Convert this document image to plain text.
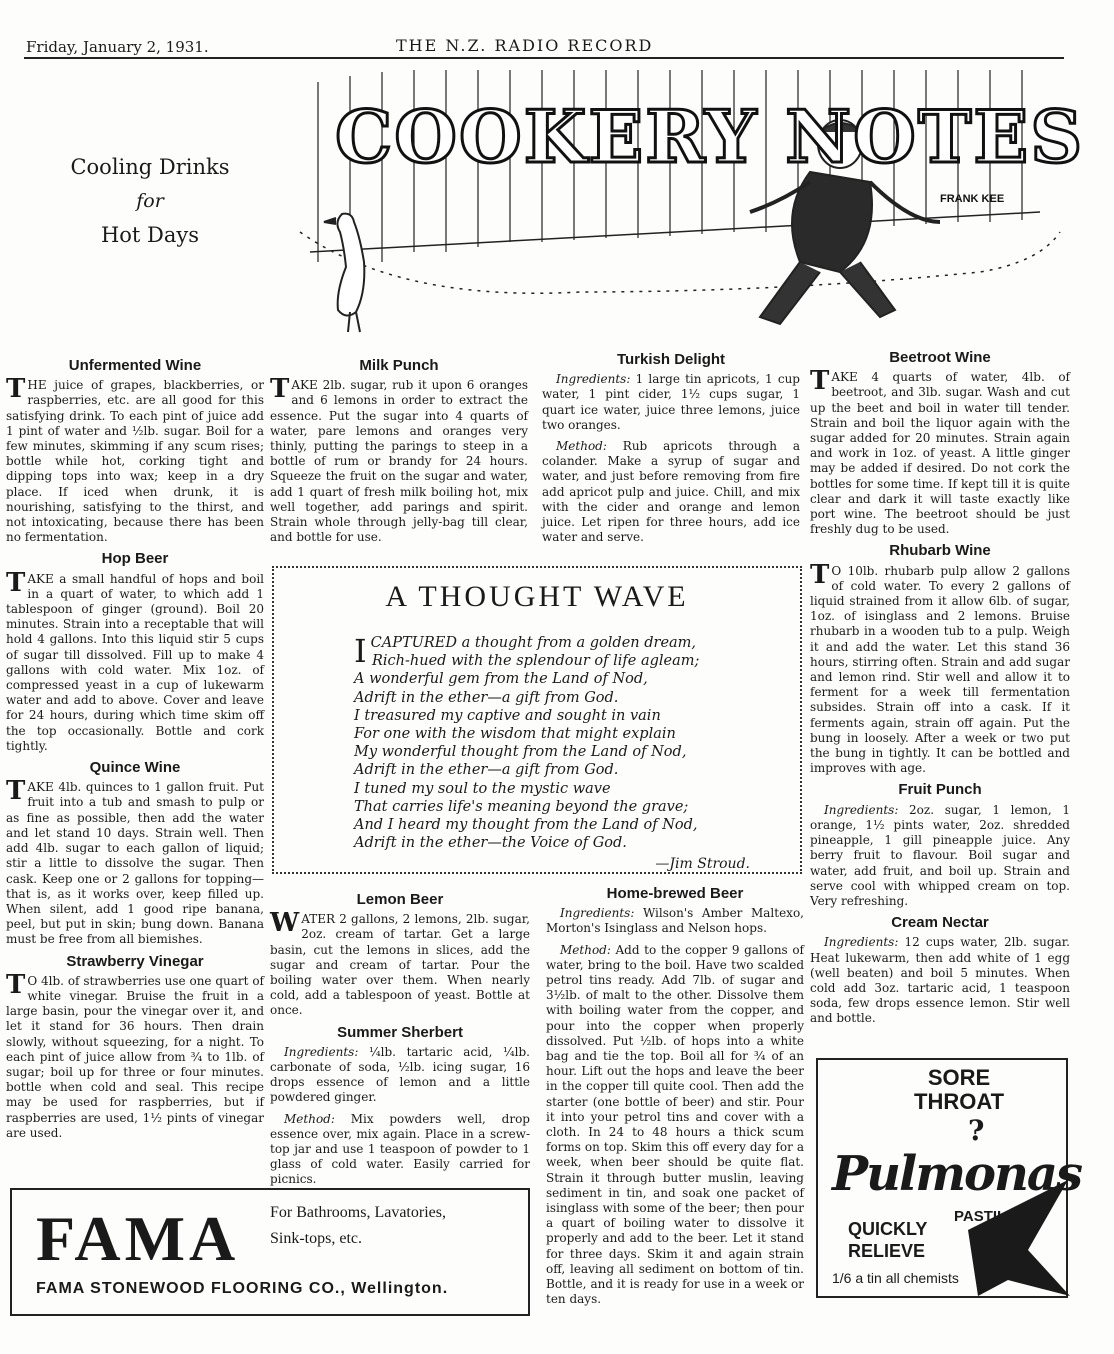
Friday, January 2, 1931.	THE N.Z. RADIO RECORD
COOKERY NOTES
FRANK KEE
Cooling Drinks
for
Hot Days
Unfermented Wine

THE juice of grapes, blackberries, or raspberries, etc. are all good for this satisfying drink. To each pint of juice add 1 pint of water and ½lb. sugar. Boil for a few minutes, skimming if any scum rises; bottle while hot, corking tight and dipping tops into wax; keep in a dry place. If iced when drunk, it is nourishing, satisfying to the thirst, and not intoxicating, because there has been no fermentation.

Hop Beer

TAKE a small handful of hops and boil in a quart of water, to which add 1 tablespoon of ginger (ground). Boil 20 minutes. Strain into a receptable that will hold 4 gallons. Into this liquid stir 5 cups of sugar till dissolved. Fill up to make 4 gallons with cold water. Mix 1oz. of compressed yeast in a cup of lukewarm water and add to above. Cover and leave for 24 hours, during which time skim off the top occasionally. Bottle and cork tightly.

Quince Wine

TAKE 4lb. quinces to 1 gallon fruit. Put fruit into a tub and smash to pulp or as fine as possible, then add the water and let stand 10 days. Strain well. Then add 4lb. sugar to each gallon of liquid; stir a little to dissolve the sugar. Then cask. Keep one or 2 gallons for topping—that is, as it works over, keep filled up. When silent, add 1 good ripe banana, peel, but put in skin; bung down. Banana must be free from all biemishes.

Strawberry Vinegar

T O 4lb. of strawberries use one quart of white vinegar. Bruise the fruit in a large basin, pour the vinegar over it, and let it stand for 36 hours. Then drain slowly, without squeezing, for a night. To each pint of juice allow from ¾ to 1lb. of sugar; boil up for three or four minutes. bottle when cold and seal. This recipe may be used for raspberries, but if raspberries are used, 1½ pints of vinegar are used.

Milk Punch

TAKE 2lb. sugar, rub it upon 6 oranges and 6 lemons in order to extract the essence. Put the sugar into 4 quarts of water, pare lemons and oranges very thinly, putting the parings to steep in a bottle of rum or brandy for 24 hours. Squeeze the fruit on the sugar and water, add 1 quart of fresh milk boiling hot, mix well together, add parings and spirit. Strain whole through jelly-bag till clear, and bottle for use.

Turkish Delight

Ingredients: 1 large tin apricots, 1 cup water, 1 pint cider, 1½ cups sugar, 1 quart ice water, juice three lemons, juice two oranges.

Method: Rub apricots through a colander. Make a syrup of sugar and water, and just before removing from fire add apricot pulp and juice. Chill, and mix with the cider and orange and lemon juice. Let ripen for three hours, add ice water and serve.

Beetroot Wine

TAKE 4 quarts of water, 4lb. of beetroot, and 3lb. sugar. Wash and cut up the beet and boil in water till tender. Strain and boil the liquor again with the sugar added for 20 minutes. Strain again and work in 1oz. of yeast. A little ginger may be added if desired. Do not cork the bottles for some time. If kept till it is quite clear and dark it will taste exactly like port wine. The beetroot should be just freshly dug to be used.

Rhubarb Wine

T O 10lb. rhubarb pulp allow 2 gallons of cold water. To every 2 gallons of liquid strained from it allow 6lb. of sugar, 1oz. of isinglass and 2 lemons. Bruise rhubarb in a wooden tub to a pulp. Weigh it and add the water. Let this stand 36 hours, stirring often. Strain and add sugar and lemon rind. Stir well and allow it to ferment for a week till fermentation subsides. Strain off into a cask. If it ferments again, strain off again. Put the bung in loosely. After a week or two put the bung in tightly. It can be bottled and improves with age.

Fruit Punch

Ingredients: 2oz. sugar, 1 lemon, 1 orange, 1½ pints water, 2oz. shredded pineapple, 1 gill pineapple juice. Any berry fruit to flavour. Boil sugar and water, add fruit, and boil up. Strain and serve cool with whipped cream on top. Very refreshing.

Cream Nectar

Ingredients: 12 cups water, 2lb. sugar. Heat lukewarm, then add white of 1 egg (well beaten) and boil 5 minutes. When cold add 3oz. tartaric acid, 1 teaspoon soda, few drops essence lemon. Stir well and bottle.

A THOUGHT WAVE
ICAPTURED a thought from a golden dream,
Rich-hued with the splendour of life agleam;
A wonderful gem from the Land of Nod,
Adrift in the ether—a gift from God.
I treasured my captive and sought in vain
For one with the wisdom that might explain
My wonderful thought from the Land of Nod,
Adrift in the ether—a gift from God.
I tuned my soul to the mystic wave
That carries life's meaning beyond the grave;
And I heard my thought from the Land of Nod,
Adrift in the ether—the Voice of God.
—Jim Stroud.
Lemon Beer

WATER 2 gallons, 2 lemons, 2lb. sugar, 2oz. cream of tartar. Get a large basin, cut the lemons in slices, add the sugar and cream of tartar. Pour the boiling water over them. When nearly cold, add a tablespoon of yeast. Bottle at once.

Summer Sherbert

Ingredients: ¼lb. tartaric acid, ¼lb. carbonate of soda, ½lb. icing sugar, 16 drops essence of lemon and a little powdered ginger.

Method: Mix powders well, drop essence over, mix again. Place in a screw-top jar and use 1 teaspoon of powder to 1 glass of cold water. Easily carried for picnics.

Home-brewed Beer

Ingredients: Wilson's Amber Maltexo, Morton's Isinglass and Nelson hops.

Method: Add to the copper 9 gallons of water, bring to the boil. Have two scalded petrol tins ready. Add 7lb. of sugar and 3½lb. of malt to the other. Dissolve them with boiling water from the copper, and pour into the copper when properly dissolved. Put ½lb. of hops into a white bag and tie the top. Boil all for ¾ of an hour. Lift out the hops and leave the beer in the copper till quite cool. Then add the starter (one bottle of beer) and stir. Pour it into your petrol tins and cover with a cloth. In 24 to 48 hours a thick scum forms on top. Skim this off every day for a week, when beer should be quite flat. Strain it through butter muslin, leaving sediment in tin, and soak one packet of isinglass with some of the beer; then pour a quart of boiling water to dissolve it properly and add to the beer. Let it stand for three days. Skim it and again strain off, leaving all sediment on bottom of tin. Bottle, and it is ready for use in a week or ten days.

FAMA For Bathrooms, Lavatories,
Sink-tops, etc.
FAMA STONEWOOD FLOORING CO., Wellington.
SORE
THROAT
?
Pulmonas
PASTILLES
QUICKLY
RELIEVE
1/6 a tin all chemists
